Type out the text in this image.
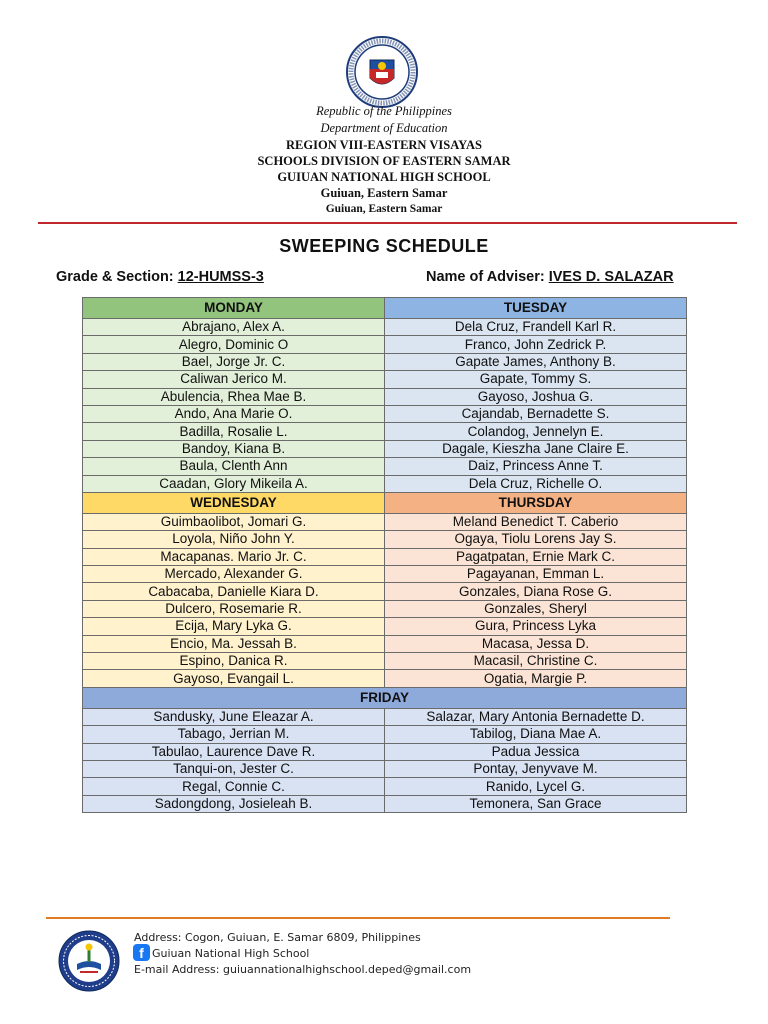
Republic of the Philippines
Department of Education
REGION VIII-EASTERN VISAYAS
SCHOOLS DIVISION OF EASTERN SAMAR
GUIUAN NATIONAL HIGH SCHOOL
Guiuan, Eastern Samar
Guiuan, Eastern Samar
SWEEPING SCHEDULE
Grade & Section: 12-HUMSS-3	Name of Adviser: IVES D. SALAZAR
MONDAY	TUESDAY
Abrajano, Alex A.	Dela Cruz, Frandell Karl R.
Alegro, Dominic O	Franco, John Zedrick P.
Bael, Jorge Jr. C.	Gapate James, Anthony B.
Caliwan Jerico M.	Gapate, Tommy S.
Abulencia, Rhea Mae B.	Gayoso, Joshua G.
Ando, Ana Marie O.	Cajandab, Bernadette S.
Badilla, Rosalie L.	Colandog, Jennelyn E.
Bandoy, Kiana B.	Dagale, Kieszha Jane Claire E.
Baula, Clenth Ann	Daiz, Princess Anne T.
Caadan, Glory Mikeila A.	Dela Cruz, Richelle O.
WEDNESDAY	THURSDAY
Guimbaolibot, Jomari G.	Meland Benedict T. Caberio
Loyola, Niño John Y.	Ogaya, Tiolu Lorens Jay S.
Macapanas. Mario Jr. C.	Pagatpatan, Ernie Mark C.
Mercado, Alexander G.	Pagayanan, Emman L.
Cabacaba, Danielle Kiara D.	Gonzales, Diana Rose G.
Dulcero, Rosemarie R.	Gonzales, Sheryl
Ecija, Mary Lyka G.	Gura, Princess Lyka
Encio, Ma. Jessah B.	Macasa, Jessa D.
Espino, Danica R.	Macasil, Christine C.
Gayoso, Evangail L.	Ogatia, Margie P.
FRIDAY	
Sandusky, June Eleazar A.	Salazar, Mary Antonia Bernadette D.
Tabago, Jerrian M.	Tabilog, Diana Mae A.
Tabulao, Laurence Dave R.	Padua Jessica
Tanqui-on, Jester C.	Pontay, Jenyvave M.
Regal, Connie C.	Ranido, Lycel G.
Sadongdong, Josieleah B.	Temonera, San Grace
Address: Cogon, Guiuan, E. Samar 6809, Philippines
f Guiuan National High School
E-mail Address: guiuannationalhighschool.deped@gmail.com
